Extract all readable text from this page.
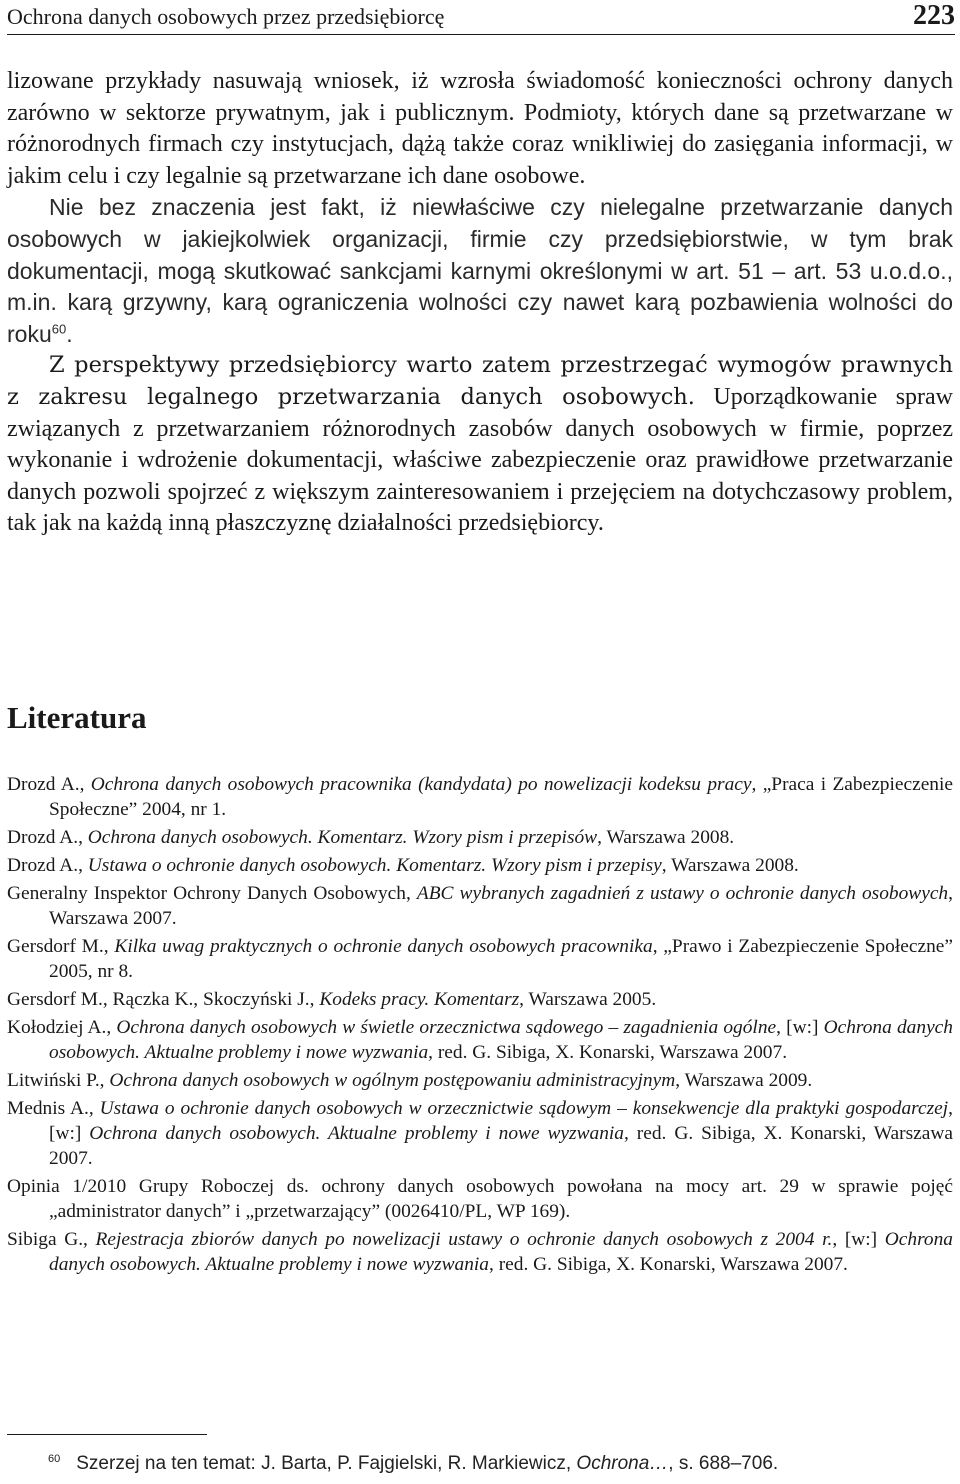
Ochrona danych osobowych przez przedsiębiorcę	223

lizowane przykłady nasuwają wniosek, iż wzrosła świadomość konieczności ochrony danych zarówno w sektorze prywatnym, jak i publicznym. Podmioty, których dane są przetwarzane w różnorodnych firmach czy instytucjach, dążą także coraz wnikliwiej do zasięgania informacji, w jakim celu i czy legalnie są przetwarzane ich dane osobowe.

Nie bez znaczenia jest fakt, iż niewłaściwe czy nielegalne przetwarzanie danych osobowych w jakiejkolwiek organizacji, firmie czy przedsiębiorstwie, w tym brak dokumentacji, mogą skutkować sankcjami karnymi określonymi w art. 51 – art. 53 u.o.d.o., m.in. karą grzywny, karą ograniczenia wolności czy nawet karą pozbawienia wolności do roku$^{60}$.

Z perspektywy przedsiębiorcy warto zatem przestrzegać wymogów prawnych z zakresu legalnego przetwarzania danych osobowych. Uporządkowanie spraw związanych z przetwarzaniem różnorodnych zasobów danych osobowych w firmie, poprzez wykonanie i wdrożenie dokumentacji, właściwe zabezpieczenie oraz prawidłowe przetwarzanie danych pozwoli spojrzeć z większym zainteresowaniem i przejęciem na dotychczasowy problem, tak jak na każdą inną płaszczyznę działalności przedsiębiorcy.

Literatura
Drozd A., Ochrona danych osobowych pracownika (kandydata) po nowelizacji kodeksu pracy, „Praca i Zabezpieczenie Społeczne” 2004, nr 1.
Drozd A., Ochrona danych osobowych. Komentarz. Wzory pism i przepisów, Warszawa 2008.
Drozd A., Ustawa o ochronie danych osobowych. Komentarz. Wzory pism i przepisy, Warszawa 2008.
Generalny Inspektor Ochrony Danych Osobowych, ABC wybranych zagadnień z ustawy o ochronie danych osobowych, Warszawa 2007.
Gersdorf M., Kilka uwag praktycznych o ochronie danych osobowych pracownika, „Prawo i Zabezpieczenie Społeczne” 2005, nr 8.
Gersdorf M., Rączka K., Skoczyński J., Kodeks pracy. Komentarz, Warszawa 2005.
Kołodziej A., Ochrona danych osobowych w świetle orzecznictwa sądowego – zagadnienia ogólne, [w:] Ochrona danych osobowych. Aktualne problemy i nowe wyzwania, red. G. Sibiga, X. Konarski, Warszawa 2007.
Litwiński P., Ochrona danych osobowych w ogólnym postępowaniu administracyjnym, Warszawa 2009.
Mednis A., Ustawa o ochronie danych osobowych w orzecznictwie sądowym – konsekwencje dla praktyki gospodarczej, [w:] Ochrona danych osobowych. Aktualne problemy i nowe wyzwania, red. G. Sibiga, X. Konarski, Warszawa 2007.
Opinia 1/2010 Grupy Roboczej ds. ochrony danych osobowych powołana na mocy art. 29 w sprawie pojęć „administrator danych” i „przetwarzający” (0026410/PL, WP 169).
Sibiga G., Rejestracja zbiorów danych po nowelizacji ustawy o ochronie danych osobowych z 2004 r., [w:] Ochrona danych osobowych. Aktualne problemy i nowe wyzwania, red. G. Sibiga, X. Konarski, Warszawa 2007.
$^{60}$ Szerzej na ten temat: J. Barta, P. Fajgielski, R. Markiewicz, Ochrona…, s. 688–706.
